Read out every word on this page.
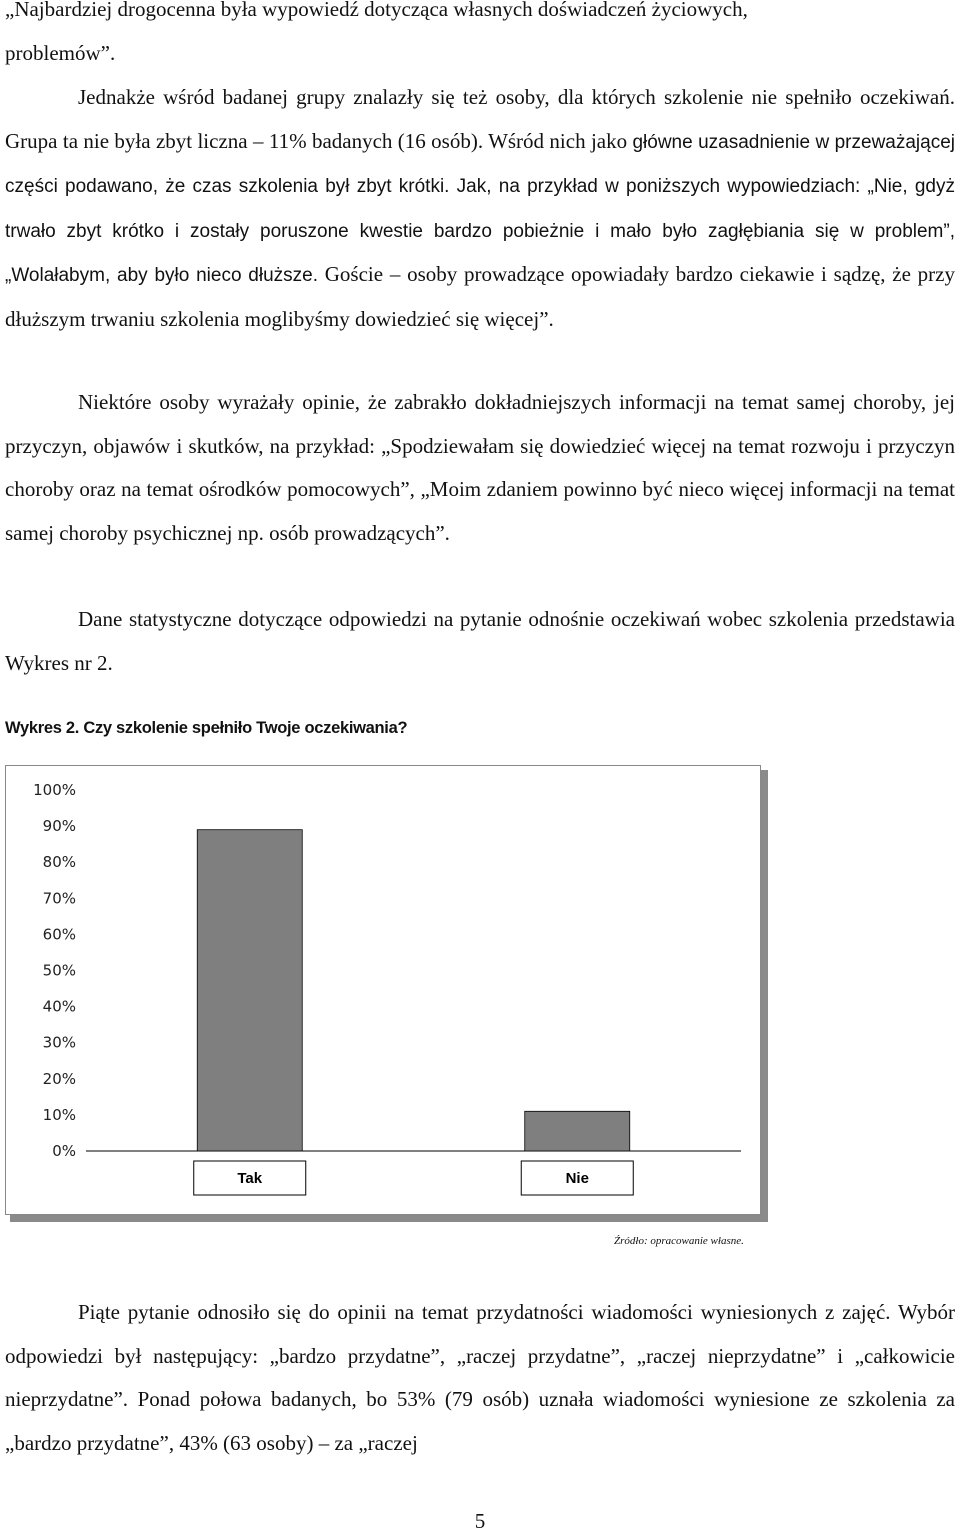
„Najbardziej drogocenna była wypowiedź dotycząca własnych doświadczeń życiowych,
problemów”.

Jednakże wśród badanej grupy znalazły się też osoby, dla których szkolenie nie spełniło oczekiwań. Grupa ta nie była zbyt liczna – 11% badanych (16 osób). Wśród nich jako główne uzasadnienie w przeważającej części podawano, że czas szkolenia był zbyt krótki. Jak, na przykład w poniższych wypowiedziach: „Nie, gdyż trwało zbyt krótko i zostały poruszone kwestie bardzo pobieżnie i mało było zagłębiania się w problem”, „Wolałabym, aby było nieco dłuższe. Goście – osoby prowadzące opowiadały bardzo ciekawie i sądzę, że przy dłuższym trwaniu szkolenia moglibyśmy dowiedzieć się więcej”.

Niektóre osoby wyrażały opinie, że zabrakło dokładniejszych informacji na temat samej choroby, jej przyczyn, objawów i skutków, na przykład: „Spodziewałam się dowiedzieć więcej na temat rozwoju i przyczyn choroby oraz na temat ośrodków pomocowych”, „Moim zdaniem powinno być nieco więcej informacji na temat samej choroby psychicznej np. osób prowadzących”.

Dane statystyczne dotyczące odpowiedzi na pytanie odnośnie oczekiwań wobec szkolenia przedstawia Wykres nr 2.

Wykres 2. Czy szkolenie spełniło Twoje oczekiwania?
0%
10%
20%
30%
40%
50%
60%
70%
80%
90%
100%
Tak	Nie
Źródło: opracowanie własne.

Piąte pytanie odnosiło się do opinii na temat przydatności wiadomości wyniesionych z zajęć. Wybór odpowiedzi był następujący: „bardzo przydatne”, „raczej przydatne”, „raczej nieprzydatne” i „całkowicie nieprzydatne”. Ponad połowa badanych, bo 53% (79 osób) uznała wiadomości wyniesione ze szkolenia za „bardzo przydatne”, 43% (63 osoby) – za „raczej

5
